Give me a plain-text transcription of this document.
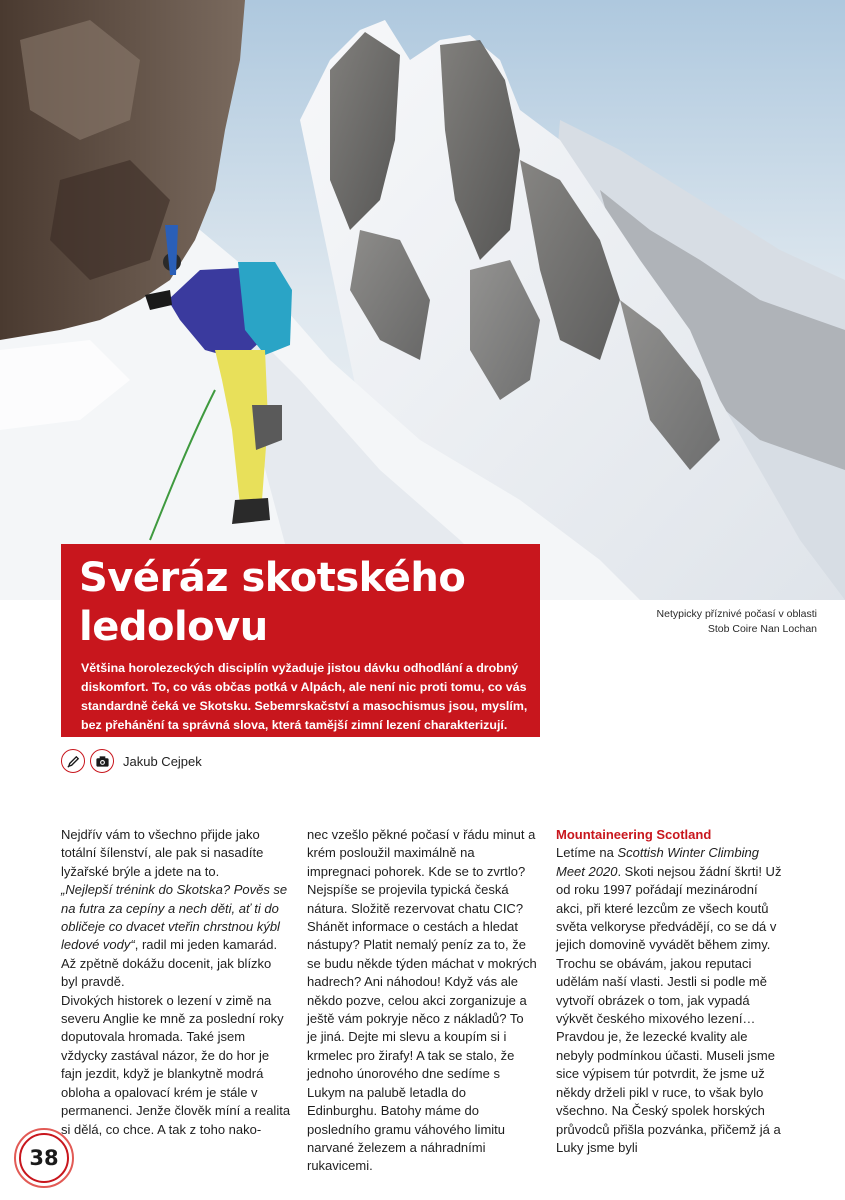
Svéráz skotského
ledolovu

Většina horolezeckých disciplín vyžaduje jistou dávku odhodlání a drobný diskomfort. To, co vás občas potká v Alpách, ale není nic proti tomu, co vás standardně čeká ve Skotsku. Sebemrskačství a masochismus jsou, myslím, bez přehánění ta správná slova, která tamější zimní lezení charakterizují.

Netypicky příznivé počasí v oblasti
Stob Coire Nan Lochan
Jakub Cejpek

Nejdřív vám to všechno přijde jako totální šílenství, ale pak si nasadíte lyžařské brýle a jdete na to.
„Nejlepší trénink do Skotska? Pověs se na futra za cepíny a nech děti, ať ti do obličeje co dvacet vteřin chrstnou kýbl ledové vody“, radil mi jeden kamarád. Až zpětně dokážu docenit, jak blízko byl pravdě.

Divokých historek o lezení v zimě na severu Anglie ke mně za poslední roky doputovala hromada. Také jsem vždycky zastával názor, že do hor je fajn jezdit, když je blankytně modrá obloha a opalovací krém je stále v permanenci. Jenže člověk míní a realita si dělá, co chce. A tak z toho nako-

nec vzešlo pěkné počasí v řádu minut a krém posloužil maximálně na impregnaci pohorek. Kde se to zvrtlo?

Nejspíše se projevila typická česká nátura. Složitě rezervovat chatu CIC? Shánět informace o cestách a hledat nástupy? Platit nemalý peníz za to, že se budu někde týden máchat v mokrých hadrech? Ani náhodou! Když vás ale někdo pozve, celou akci zorganizuje a ještě vám pokryje něco z nákladů? To je jiná. Dejte mi slevu a koupím si i krmelec pro žirafy! A tak se stalo, že jednoho únorového dne sedíme s Lukym na palubě letadla do Edinburghu. Batohy máme do posledního gramu váhového limitu narvané železem a náhradními rukavicemi.

Mountaineering Scotland

Letíme na Scottish Winter Climbing Meet 2020. Skoti nejsou žádní škrti! Už od roku 1997 pořádají mezinárodní akci, při které lezcům ze všech koutů světa velkoryse předvádějí, co se dá v jejich domovině vyvádět během zimy. Trochu se obávám, jakou reputaci udělám naší vlasti. Jestli si podle mě vytvoří obrázek o tom, jak vypadá výkvět českého mixového lezení… Pravdou je, že lezecké kvality ale nebyly podmínkou účasti. Museli jsme sice výpisem túr potvrdit, že jsme už někdy drželi pikl v ruce, to však bylo všechno. Na Český spolek horských průvodců přišla pozvánka, přičemž já a Luky jsme byli

38
